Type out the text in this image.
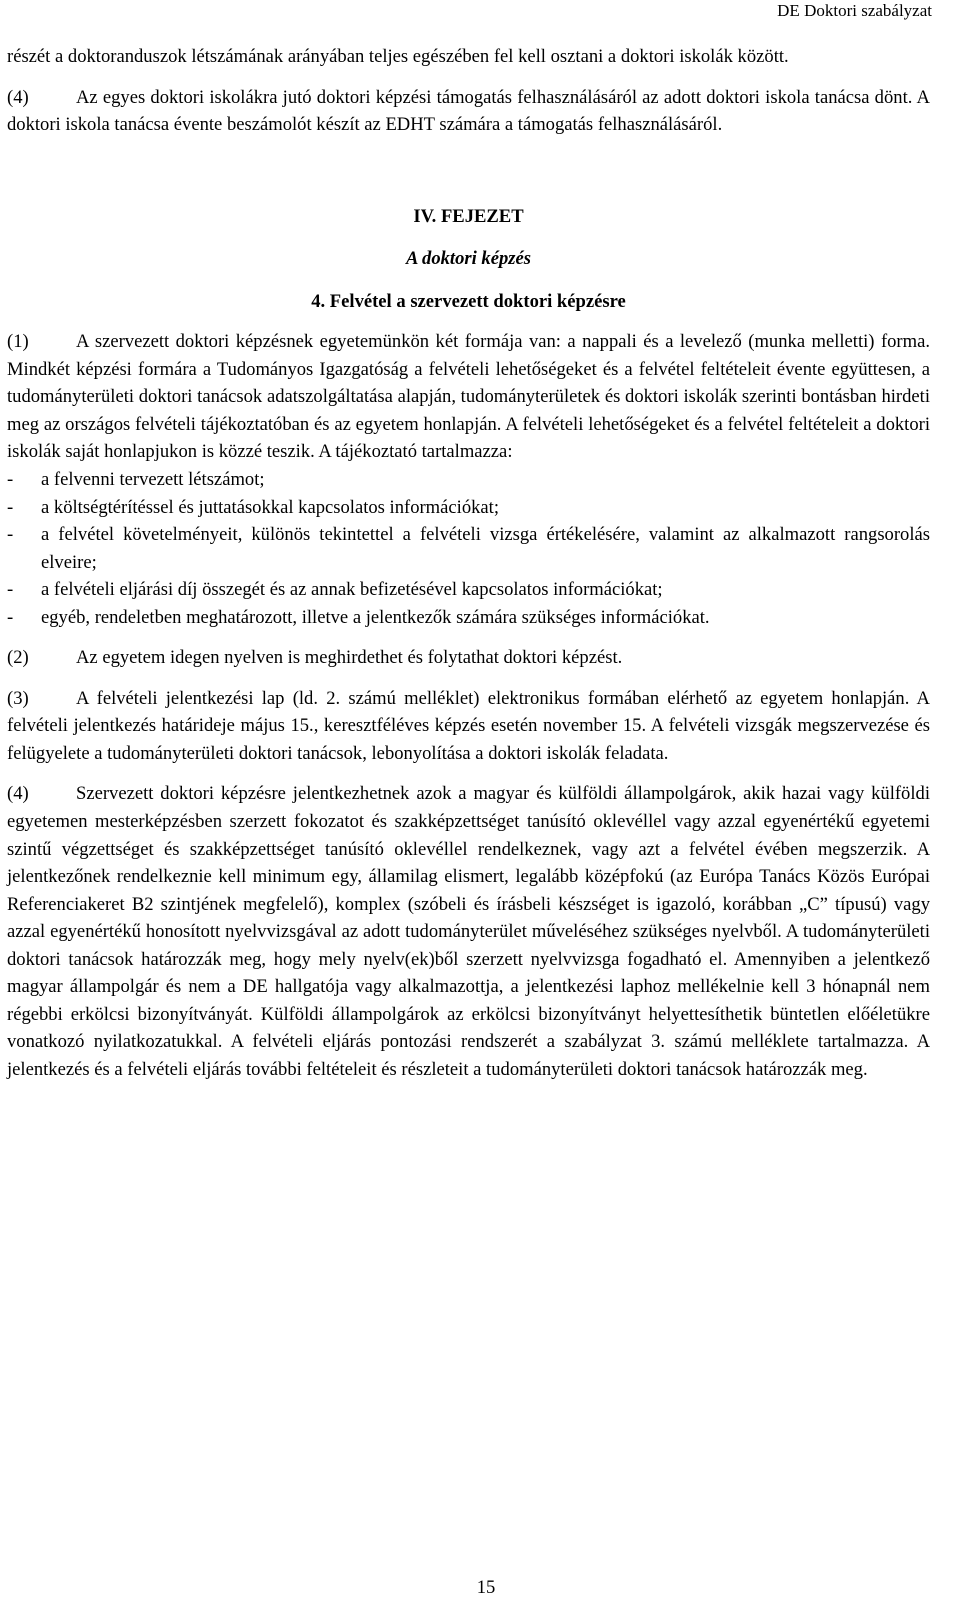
DE Doktori szabályzat

részét a doktoranduszok létszámának arányában teljes egészében fel kell osztani a doktori iskolák között.

(4)	Az egyes doktori iskolákra jutó doktori képzési támogatás felhasználásáról az adott doktori iskola tanácsa dönt. A doktori iskola tanácsa évente beszámolót készít az EDHT számára a támogatás felhasználásáról.

IV. FEJEZET

A doktori képzés

4. Felvétel a szervezett doktori képzésre

(1)	A szervezett doktori képzésnek egyetemünkön két formája van: a nappali és a levelező (munka melletti) forma. Mindkét képzési formára a Tudományos Igazgatóság a felvételi lehetőségeket és a felvétel feltételeit évente együttesen, a tudományterületi doktori tanácsok adatszolgáltatása alapján, tudományterületek és doktori iskolák szerinti bontásban hirdeti meg az országos felvételi tájékoztatóban és az egyetem honlapján. A felvételi lehetőségeket és a felvétel feltételeit a doktori iskolák saját honlapjukon is közzé teszik. A tájékoztató tartalmazza:

- a felvenni tervezett létszámot;
- a költségtérítéssel és juttatásokkal kapcsolatos információkat;
- a felvétel követelményeit, különös tekintettel a felvételi vizsga értékelésére, valamint az alkalmazott rangsorolás elveire;
- a felvételi eljárási díj összegét és az annak befizetésével kapcsolatos információkat;
- egyéb, rendeletben meghatározott, illetve a jelentkezők számára szükséges információkat.

(2)	Az egyetem idegen nyelven is meghirdethet és folytathat doktori képzést.

(3)	A felvételi jelentkezési lap (ld. 2. számú melléklet) elektronikus formában elérhető az egyetem honlapján. A felvételi jelentkezés határideje május 15., keresztféléves képzés esetén november 15. A felvételi vizsgák megszervezése és felügyelete a tudományterületi doktori tanácsok, lebonyolítása a doktori iskolák feladata.

(4)	Szervezett doktori képzésre jelentkezhetnek azok a magyar és külföldi állampolgárok, akik hazai vagy külföldi egyetemen mesterképzésben szerzett fokozatot és szakképzettséget tanúsító oklevéllel vagy azzal egyenértékű egyetemi szintű végzettséget és szakképzettséget tanúsító oklevéllel rendelkeznek, vagy azt a felvétel évében megszerzik. A jelentkezőnek rendelkeznie kell minimum egy, államilag elismert, legalább középfokú (az Európa Tanács Közös Európai Referenciakeret B2 szintjének megfelelő), komplex (szóbeli és írásbeli készséget is igazoló, korábban „C” típusú) vagy azzal egyenértékű honosított nyelvvizsgával az adott tudományterület műveléséhez szükséges nyelvből. A tudományterületi doktori tanácsok határozzák meg, hogy mely nyelv(ek)ből szerzett nyelvvizsga fogadható el. Amennyiben a jelentkező magyar állampolgár és nem a DE hallgatója vagy alkalmazottja, a jelentkezési laphoz mellékelnie kell 3 hónapnál nem régebbi erkölcsi bizonyítványát. Külföldi állampolgárok az erkölcsi bizonyítványt helyettesíthetik büntetlen előéletükre vonatkozó nyilatkozatukkal. A felvételi eljárás pontozási rendszerét a szabályzat 3. számú melléklete tartalmazza. A jelentkezés és a felvételi eljárás további feltételeit és részleteit a tudományterületi doktori tanácsok határozzák meg.

15
